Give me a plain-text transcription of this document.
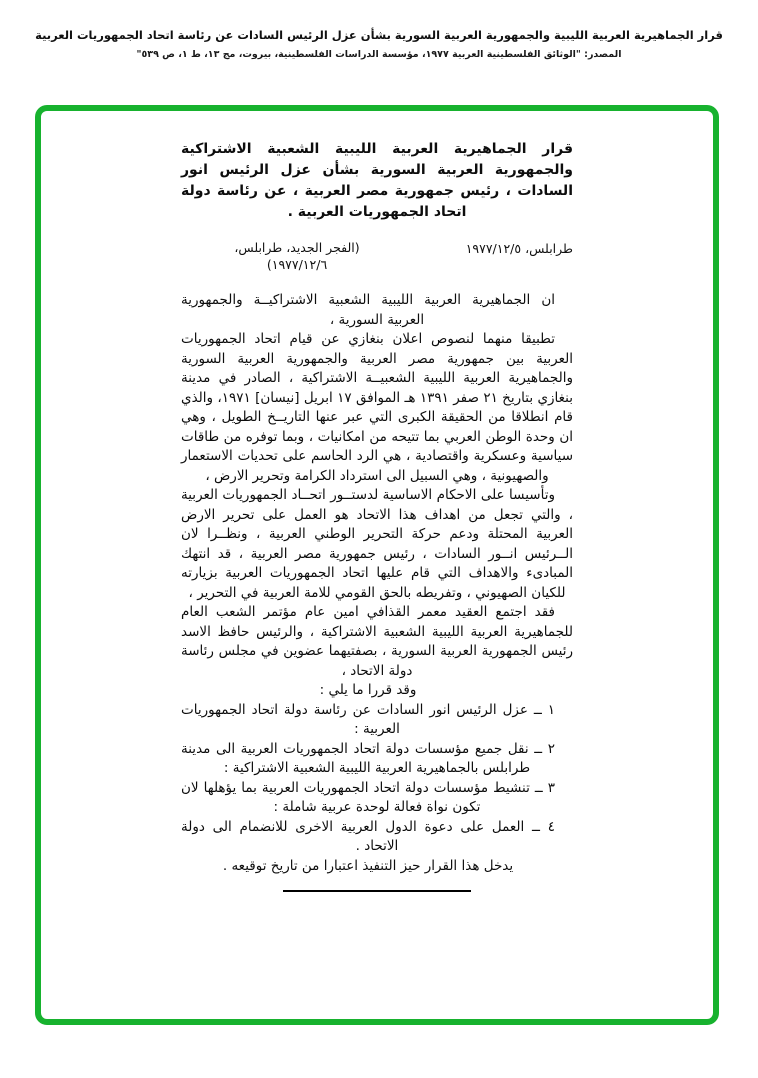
قرار الجماهيرية العربية الليبية والجمهورية العربية السورية بشأن عزل الرئيس السادات عن رئاسة اتحاد الجمهوريات العربية
المصدر: "الوثائق الفلسطينية العربية ١٩٧٧، مؤسسة الدراسات الفلسطينية، بيروت، مج ١٣، ط ١، ص ٥٣٩"
قرار الجماهيرية العربية الليبية الشعبية الاشتراكية والجمهورية العربية السورية بشأن عزل الرئيس انور السادات ، رئيس جمهورية مصر العربية ، عن رئاسة دولة اتحاد الجمهوريات العربية .
طرابلس، ١٩٧٧/١٢/٥
(الفجر الجديد، طرابلس، ١٩٧٧/١٢/٦)

ان الجماهيرية العربية الليبية الشعبية الاشتراكيــة والجمهورية العربية السورية ،

تطبيقا منهما لنصوص اعلان بنغازي عن قيام اتحاد الجمهوريات العربية بين جمهورية مصر العربية والجمهورية العربية السورية والجماهيرية العربية الليبية الشعبيــة الاشتراكية ، الصادر في مدينة بنغازي بتاريخ ٢١ صفر ١٣٩١ هـ الموافق ١٧ ابريل [نيسان] ١٩٧١، والذي قام انطلاقا من الحقيقة الكبرى التي عبر عنها التاريــخ الطويل ، وهي ان وحدة الوطن العربي بما تتيحه من امكانيات ، وبما توفره من طاقات سياسية وعسكرية واقتصادية ، هي الرد الحاسم على تحديات الاستعمار والصهيونية ، وهي السبيل الى استرداد الكرامة وتحرير الارض ،

وتأسيسا على الاحكام الاساسية لدستــور اتحــاد الجمهوريات العربية ، والتي تجعل من اهداف هذا الاتحاد هو العمل على تحرير الارض العربية المحتلة ودعم حركة التحرير الوطني العربية ، ونظــرا لان الــرئيس انــور السادات ، رئيس جمهورية مصر العربية ، قد انتهك المبادىء والاهداف التي قام عليها اتحاد الجمهوريات العربية بزيارته للكيان الصهيوني ، وتفريطه بالحق القومي للامة العربية في التحرير ،

فقد اجتمع العقيد معمر القذافي امين عام مؤتمر الشعب العام للجماهيرية العربية الليبية الشعبية الاشتراكية ، والرئيس حافظ الاسد رئيس الجمهورية العربية السورية ، بصفتيهما عضوين في مجلس رئاسة دولة الاتحاد ،

وقد قررا ما يلي :

١ ــ عزل الرئيس انور السادات عن رئاسة دولة اتحاد الجمهوريات العربية :

٢ ــ نقل جميع مؤسسات دولة اتحاد الجمهوريات العربية الى مدينة طرابلس بالجماهيرية العربية الليبية الشعبية الاشتراكية :

٣ ــ تنشيط مؤسسات دولة اتحاد الجمهوريات العربية بما يؤهلها لان تكون نواة فعالة لوحدة عربية شاملة :

٤ ــ العمل على دعوة الدول العربية الاخرى للانضمام الى دولة الاتحاد .

يدخل هذا القرار حيز التنفيذ اعتبارا من تاريخ توقيعه .
